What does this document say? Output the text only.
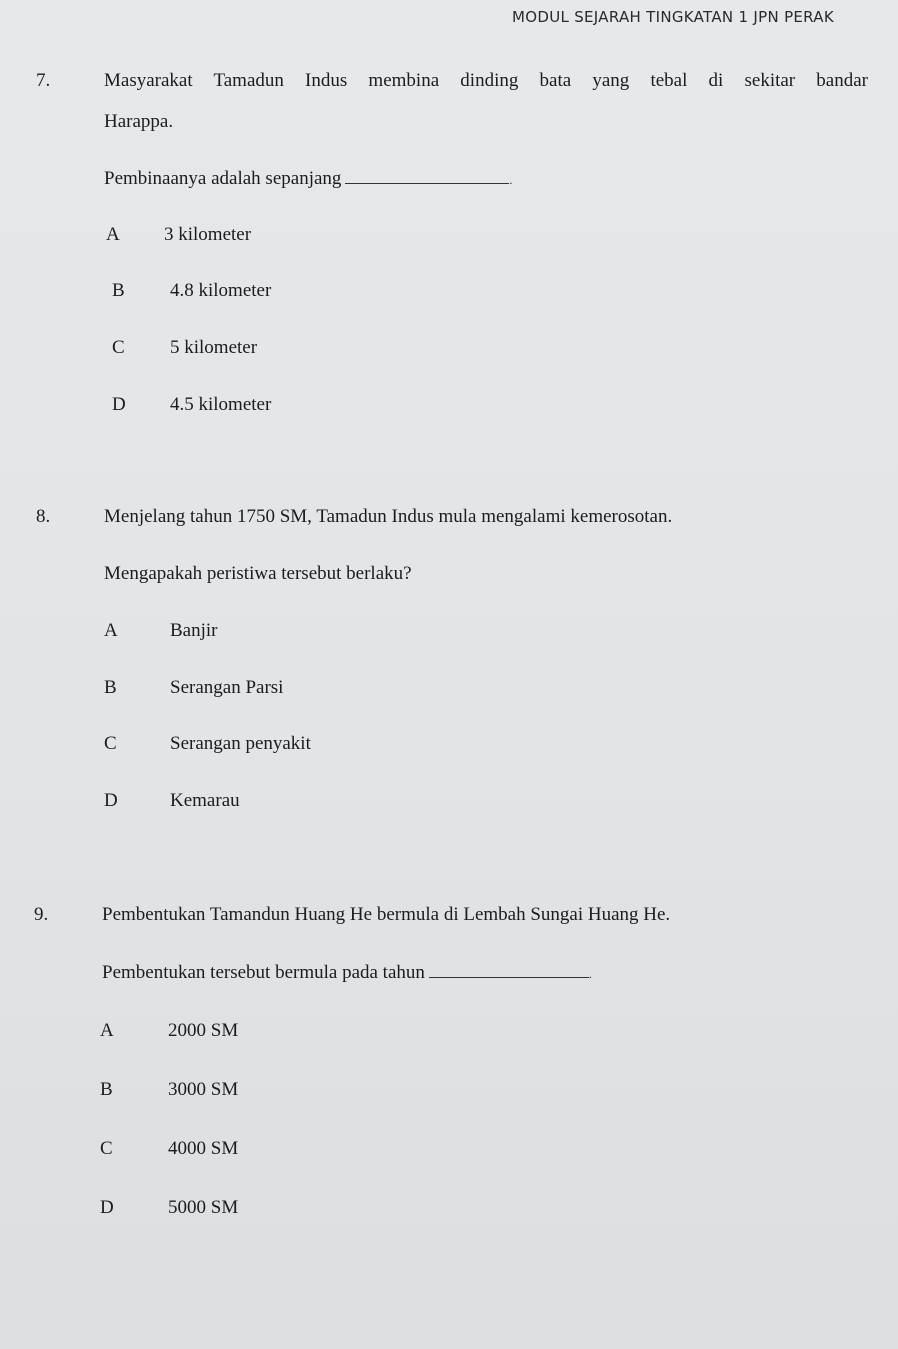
MODUL SEJARAH TINGKATAN 1 JPN PERAK
7.	Masyarakat Tamadun Indus membina dinding bata yang tebal di sekitar bandar
Harappa.
Pembinaanya adalah sepanjang	.
A 3 kilometer
B 4.8 kilometer
C 5 kilometer
D 4.5 kilometer
8.	Menjelang tahun 1750 SM, Tamadun Indus mula mengalami kemerosotan.
Mengapakah peristiwa tersebut berlaku?
A	Banjir
B	Serangan Parsi
C	Serangan penyakit
D	Kemarau
9.	Pembentukan Tamandun Huang He bermula di Lembah Sungai Huang He.
Pembentukan tersebut bermula pada tahun	.
A	2000 SM
B	3000 SM
C	4000 SM
D	5000 SM
